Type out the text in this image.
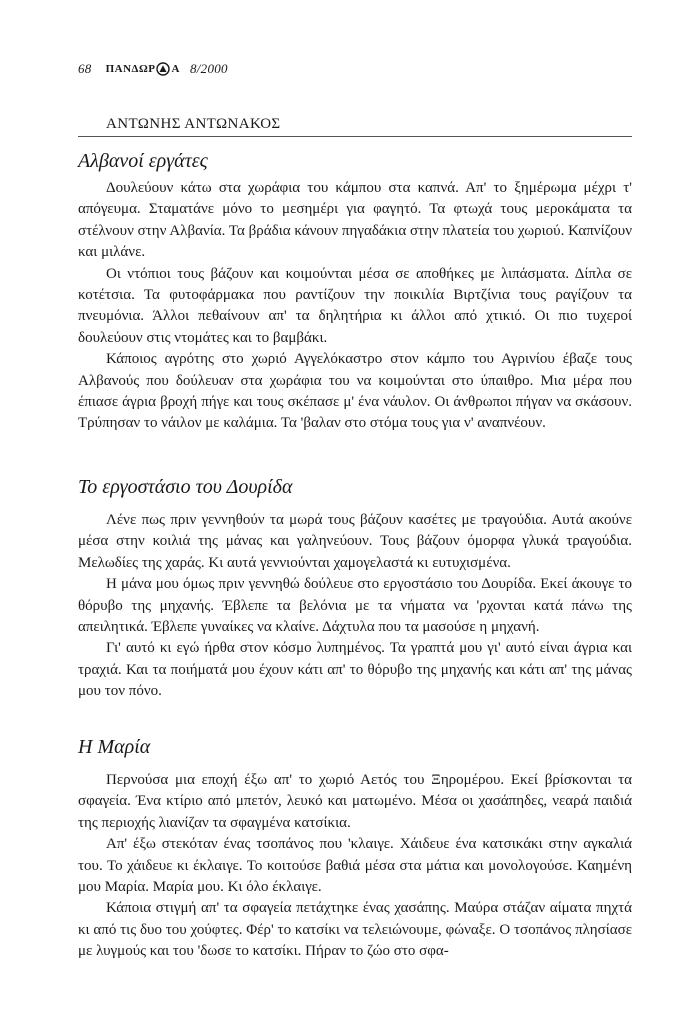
68 ΠΑΝΔΩΡ Α 8/2000
ΑΝΤΩΝΗΣ ΑΝΤΩΝΑΚΟΣ
Αλβανοί εργάτες

Δουλεύουν κάτω στα χωράφια του κάμπου στα καπνά. Απ' το ξημέρωμα μέχρι τ' απόγευμα. Σταματάνε μόνο το μεσημέρι για φαγητό. Τα φτωχά τους μεροκάματα τα στέλνουν στην Αλβανία. Τα βράδια κάνουν πηγαδάκια στην πλατεία του χωριού. Καπνίζουν και μιλάνε.

Οι ντόπιοι τους βάζουν και κοιμούνται μέσα σε αποθήκες με λιπάσματα. Δίπλα σε κοτέτσια. Τα φυτοφάρμακα που ραντίζουν την ποικιλία Βιρτζίνια τους ραγίζουν τα πνευμόνια. Άλλοι πεθαίνουν απ' τα δηλητήρια κι άλλοι από χτικιό. Οι πιο τυχεροί δουλεύουν στις ντομάτες και το βαμβάκι.

Κάποιος αγρότης στο χωριό Αγγελόκαστρο στον κάμπο του Αγρινίου έβαζε τους Αλβανούς που δούλευαν στα χωράφια του να κοιμούνται στο ύπαιθρο. Μια μέρα που έπιασε άγρια βροχή πήγε και τους σκέπασε μ' ένα νάυλον. Οι άνθρωποι πήγαν να σκάσουν. Τρύπησαν το νάιλον με καλάμια. Τα 'βαλαν στο στόμα τους για ν' αναπνέουν.

Το εργοστάσιο του Δουρίδα

Λένε πως πριν γεννηθούν τα μωρά τους βάζουν κασέτες με τραγούδια. Αυτά ακούνε μέσα στην κοιλιά της μάνας και γαληνεύουν. Τους βάζουν όμορφα γλυκά τραγούδια. Μελωδίες της χαράς. Κι αυτά γεννιούνται χαμογελαστά κι ευτυχισμένα.

Η μάνα μου όμως πριν γεννηθώ δούλευε στο εργοστάσιο του Δουρίδα. Εκεί άκουγε το θόρυβο της μηχανής. Έβλεπε τα βελόνια με τα νήματα να 'ρχονται κατά πάνω της απειλητικά. Έβλεπε γυναίκες να κλαίνε. Δάχτυλα που τα μασούσε η μηχανή.

Γι' αυτό κι εγώ ήρθα στον κόσμο λυπημένος. Τα γραπτά μου γι' αυτό είναι άγρια και τραχιά. Και τα ποιήματά μου έχουν κάτι απ' το θόρυβο της μηχανής και κάτι απ' της μάνας μου τον πόνο.

Η Μαρία

Περνούσα μια εποχή έξω απ' το χωριό Αετός του Ξηρομέρου. Εκεί βρίσκονται τα σφαγεία. Ένα κτίριο από μπετόν, λευκό και ματωμένο. Μέσα οι χασάπηδες, νεαρά παιδιά της περιοχής λιανίζαν τα σφαγμένα κατσίκια.

Απ' έξω στεκόταν ένας τσοπάνος που 'κλαιγε. Χάιδευε ένα κατσικάκι στην αγκαλιά του. Το χάιδευε κι έκλαιγε. Το κοιτούσε βαθιά μέσα στα μάτια και μονολογούσε. Καημένη μου Μαρία. Μαρία μου. Κι όλο έκλαιγε.

Κάποια στιγμή απ' τα σφαγεία πετάχτηκε ένας χασάπης. Μαύρα στάζαν αίματα πηχτά κι από τις δυο του χούφτες. Φέρ' το κατσίκι να τελειώνουμε, φώναξε. Ο τσοπάνος πλησίασε με λυγμούς και του 'δωσε το κατσίκι. Πήραν το ζώο στο σφα-
